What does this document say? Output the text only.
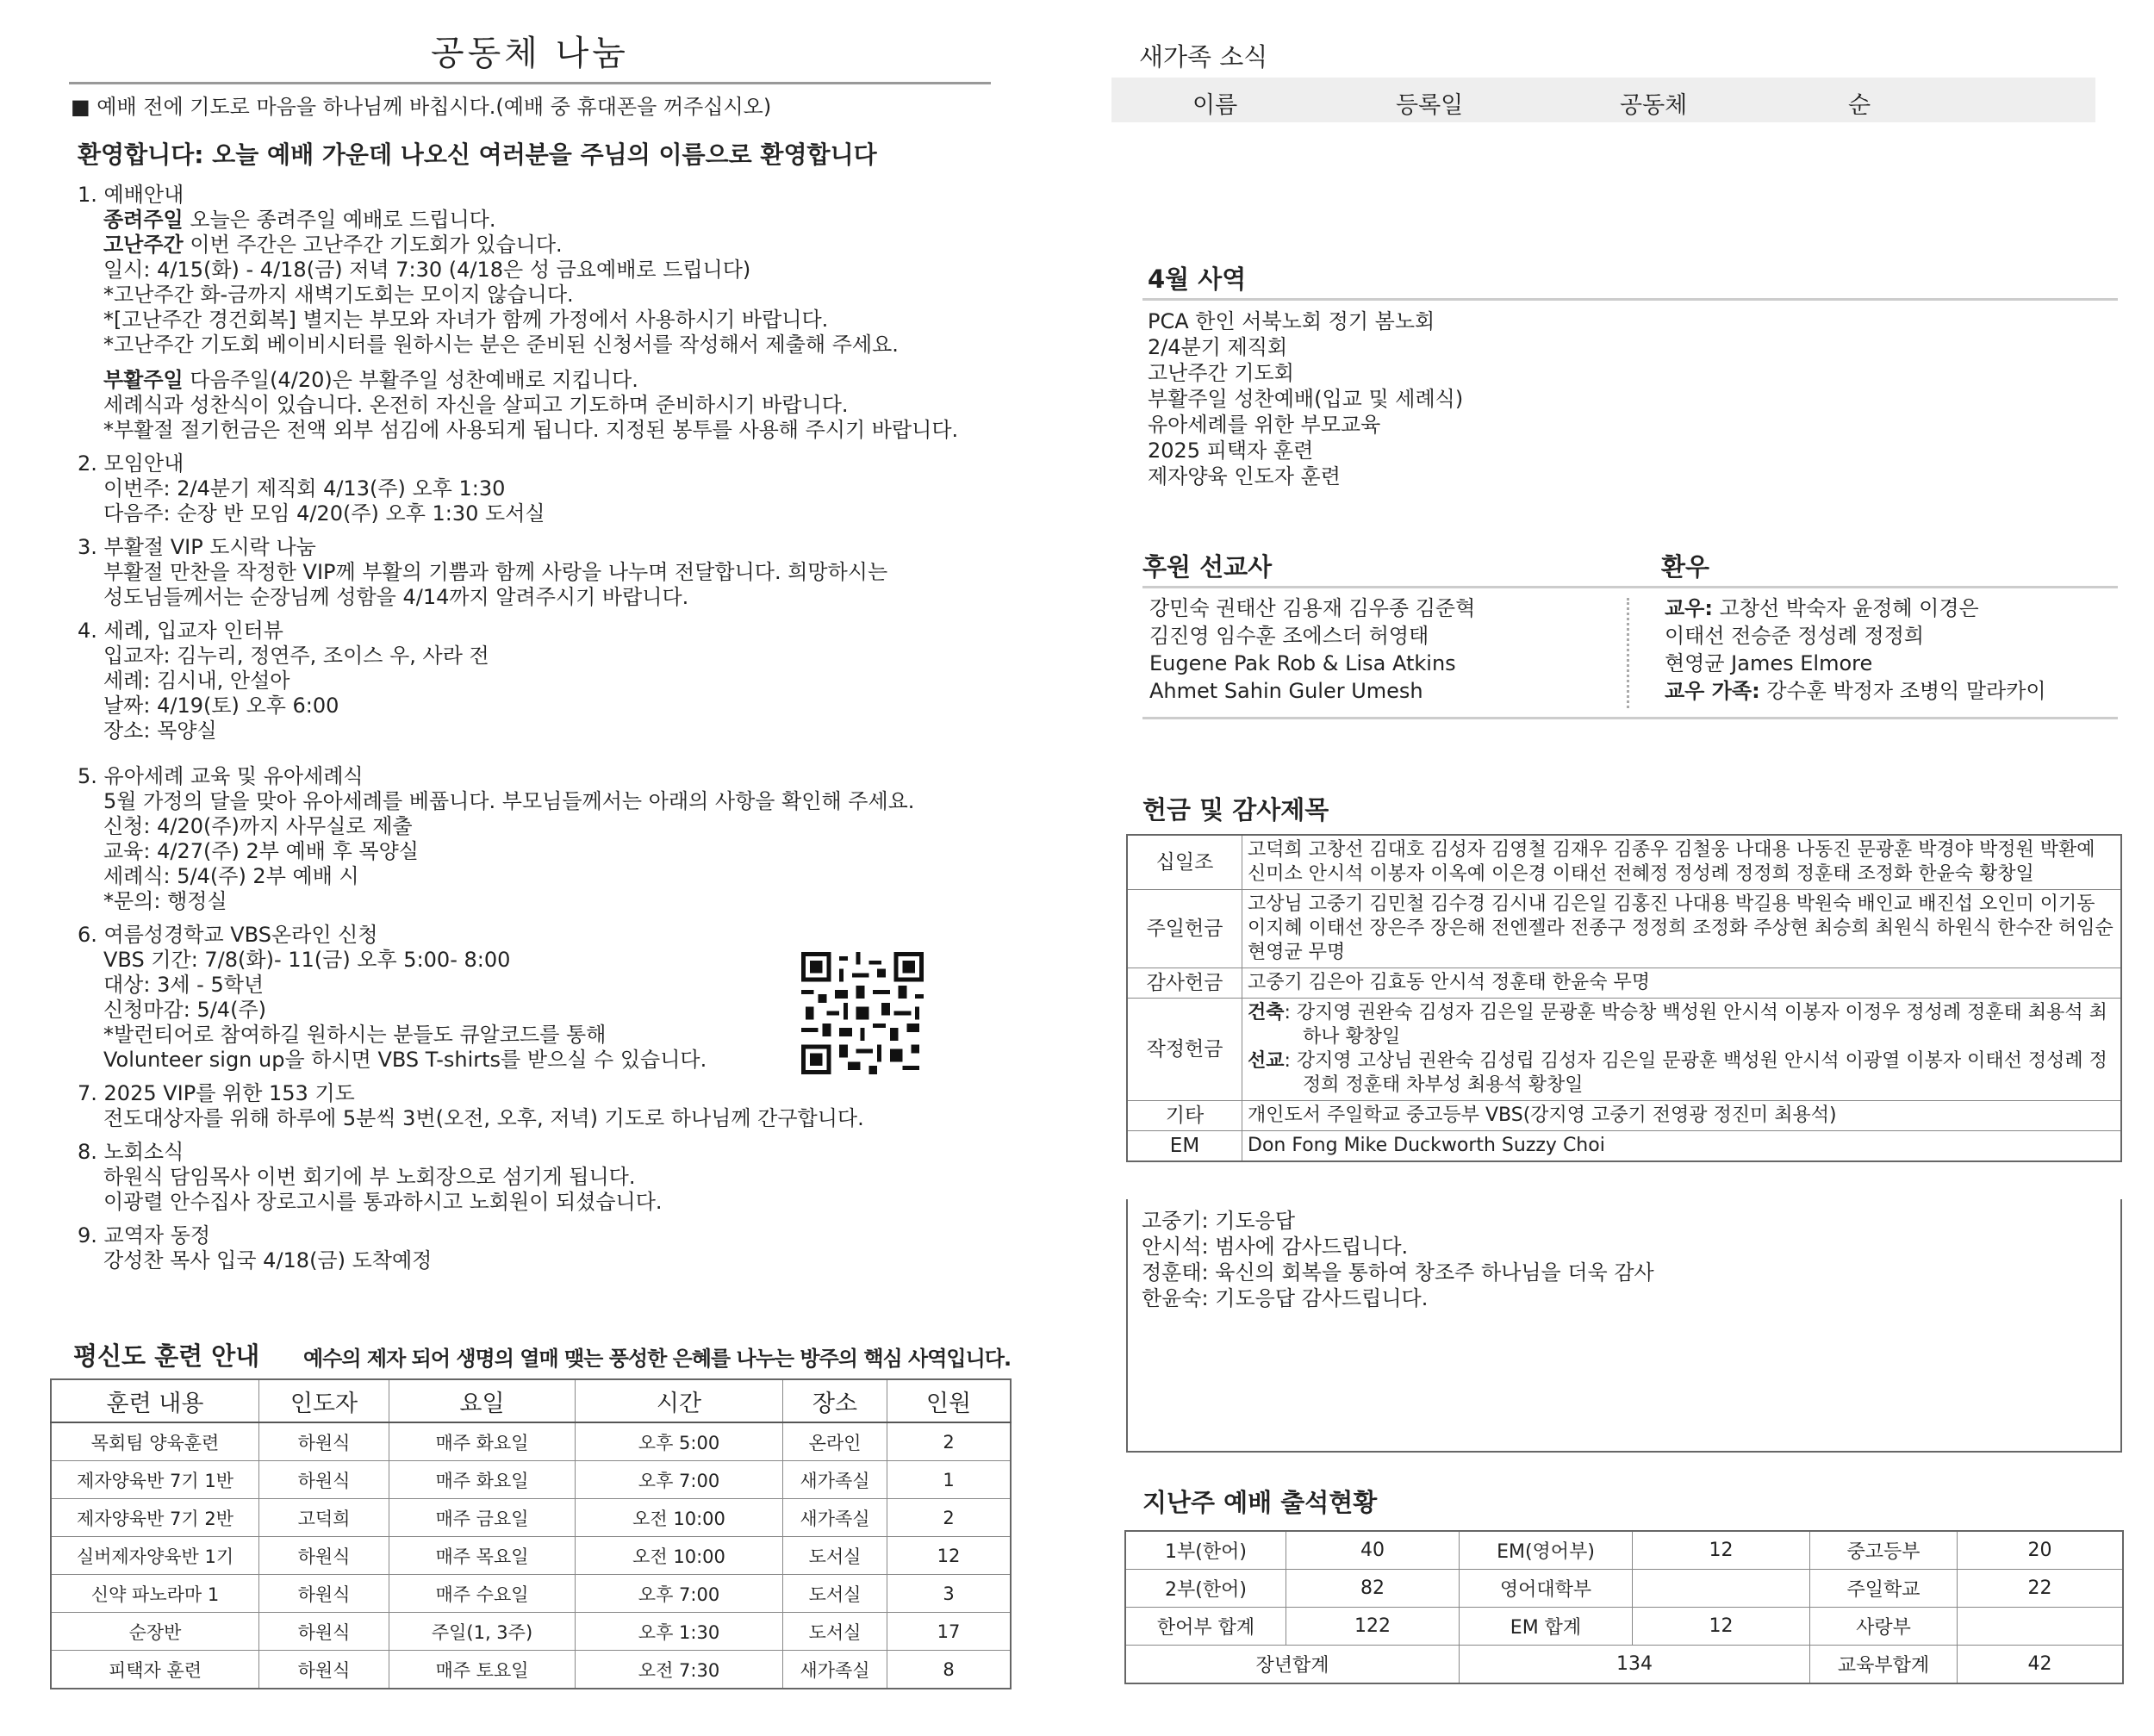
공동체 나눔
■ 예배 전에 기도로 마음을 하나님께 바칩시다.(예배 중 휴대폰을 꺼주십시오)
환영합니다: 오늘 예배 가운데 나오신 여러분을 주님의 이름으로 환영합니다
1. 예배안내
종려주일 오늘은 종려주일 예배로 드립니다.
고난주간 이번 주간은 고난주간 기도회가 있습니다.
일시: 4/15(화) - 4/18(금) 저녁 7:30 (4/18은 성 금요예배로 드립니다)
*고난주간 화-금까지 새벽기도회는 모이지 않습니다.
*[고난주간 경건회복] 별지는 부모와 자녀가 함께 가정에서 사용하시기 바랍니다.
*고난주간 기도회 베이비시터를 원하시는 분은 준비된 신청서를 작성해서 제출해 주세요.
부활주일 다음주일(4/20)은 부활주일 성찬예배로 지킵니다.
세례식과 성찬식이 있습니다. 온전히 자신을 살피고 기도하며 준비하시기 바랍니다.
*부활절 절기헌금은 전액 외부 섬김에 사용되게 됩니다. 지정된 봉투를 사용해 주시기 바랍니다.
2. 모임안내
이번주: 2/4분기 제직회 4/13(주) 오후 1:30
다음주: 순장 반 모임 4/20(주) 오후 1:30 도서실
3. 부활절 VIP 도시락 나눔
부활절 만찬을 작정한 VIP께 부활의 기쁨과 함께 사랑을 나누며 전달합니다. 희망하시는
성도님들께서는 순장님께 성함을 4/14까지 알려주시기 바랍니다.
4. 세례, 입교자 인터뷰
입교자: 김누리, 정연주, 조이스 우, 사라 전
세례: 김시내, 안설아
날짜: 4/19(토) 오후 6:00
장소: 목양실
5. 유아세례 교육 및 유아세례식
5월 가정의 달을 맞아 유아세례를 베풉니다. 부모님들께서는 아래의 사항을 확인해 주세요.
신청: 4/20(주)까지 사무실로 제출
교육: 4/27(주) 2부 예배 후 목양실
세례식: 5/4(주) 2부 예배 시
*문의: 행정실
6. 여름성경학교 VBS온라인 신청
VBS 기간: 7/8(화)- 11(금) 오후 5:00- 8:00
대상: 3세 - 5학년
신청마감: 5/4(주)
*발런티어로 참여하길 원하시는 분들도 큐알코드를 통해
Volunteer sign up을 하시면 VBS T-shirts를 받으실 수 있습니다.
7. 2025 VIP를 위한 153 기도
전도대상자를 위해 하루에 5분씩 3번(오전, 오후, 저녁) 기도로 하나님께 간구합니다.
8. 노회소식
하원식 담임목사 이번 회기에 부 노회장으로 섬기게 됩니다.
이광렬 안수집사 장로고시를 통과하시고 노회원이 되셨습니다.
9. 교역자 동정
강성찬 목사 입국 4/18(금) 도착예정
평신도 훈련 안내 예수의 제자 되어 생명의 열매 맺는 풍성한 은혜를 나누는 방주의 핵심 사역입니다.
훈련 내용	인도자	요일	시간	장소	인원
목회팀 양육훈련	하원식	매주 화요일	오후 5:00	온라인	2
제자양육반 7기 1반	하원식	매주 화요일	오후 7:00	새가족실	1
제자양육반 7기 2반	고덕희	매주 금요일	오전 10:00	새가족실	2
실버제자양육반 1기	하원식	매주 목요일	오전 10:00	도서실	12
신약 파노라마 1	하원식	매주 수요일	오후 7:00	도서실	3
순장반	하원식	주일(1, 3주)	오후 1:30	도서실	17
피택자 훈련	하원식	매주 토요일	오전 7:30	새가족실	8
새가족 소식
이름	등록일	공동체	순
4월 사역
PCA 한인 서북노회 정기 봄노회
2/4분기 제직회
고난주간 기도회
부활주일 성찬예배(입교 및 세례식)
유아세례를 위한 부모교육
2025 피택자 훈련
제자양육 인도자 훈련
후원 선교사	환우
강민숙 권태산 김용재 김우종 김준혁
김진영 임수훈 조에스더 허영태
Eugene Pak Rob & Lisa Atkins
Ahmet Sahin Guler Umesh
교우: 고창선 박숙자 윤정혜 이경은
이태선 전승준 정성례 정정희
현영균 James Elmore
교우 가족: 강수훈 박정자 조병익 말라카이
헌금 및 감사제목
십일조	고덕희 고창선 김대호 김성자 김영철 김재우 김종우 김철웅 나대용 나동진 문광훈 박경야 박정원 박환예 신미소 안시석 이봉자 이옥예 이은경 이태선 전혜정 정성례 정정희 정훈태 조정화 한윤숙 황창일
주일헌금	고상님 고중기 김민철 김수경 김시내 김은일 김홍진 나대용 박길용 박원숙 배인교 배진섭 오인미 이기동 이지혜 이태선 장은주 장은해 전엔젤라 전종구 정정희 조정화 주상현 최승희 최원식 하원식 한수잔 허임순 현영균 무명
감사헌금	고중기 김은아 김효동 안시석 정훈태 한윤숙 무명
작정헌금	건축: 강지영 권완숙 김성자 김은일 문광훈 박승창 백성원 안시석 이봉자 이정우 정성례 정훈태 최용석 최하나 황창일
선교: 강지영 고상님 권완숙 김성립 김성자 김은일 문광훈 백성원 안시석 이광열 이봉자 이태선 정성례 정정희 정훈태 차부성 최용석 황창일

기타	개인도서 주일학교 중고등부 VBS(강지영 고중기 전영광 정진미 최용석)
EM	Don Fong Mike Duckworth Suzzy Choi
고중기: 기도응답
안시석: 범사에 감사드립니다.
정훈태: 육신의 회복을 통하여 창조주 하나님을 더욱 감사
한윤숙: 기도응답 감사드립니다.
지난주 예배 출석현황
1부(한어)	40	EM(영어부)	12	중고등부	20
2부(한어)	82	영어대학부		주일학교	22
한어부 합계	122	EM 합계	12	사랑부	
장년합계		134		교육부합계	42
